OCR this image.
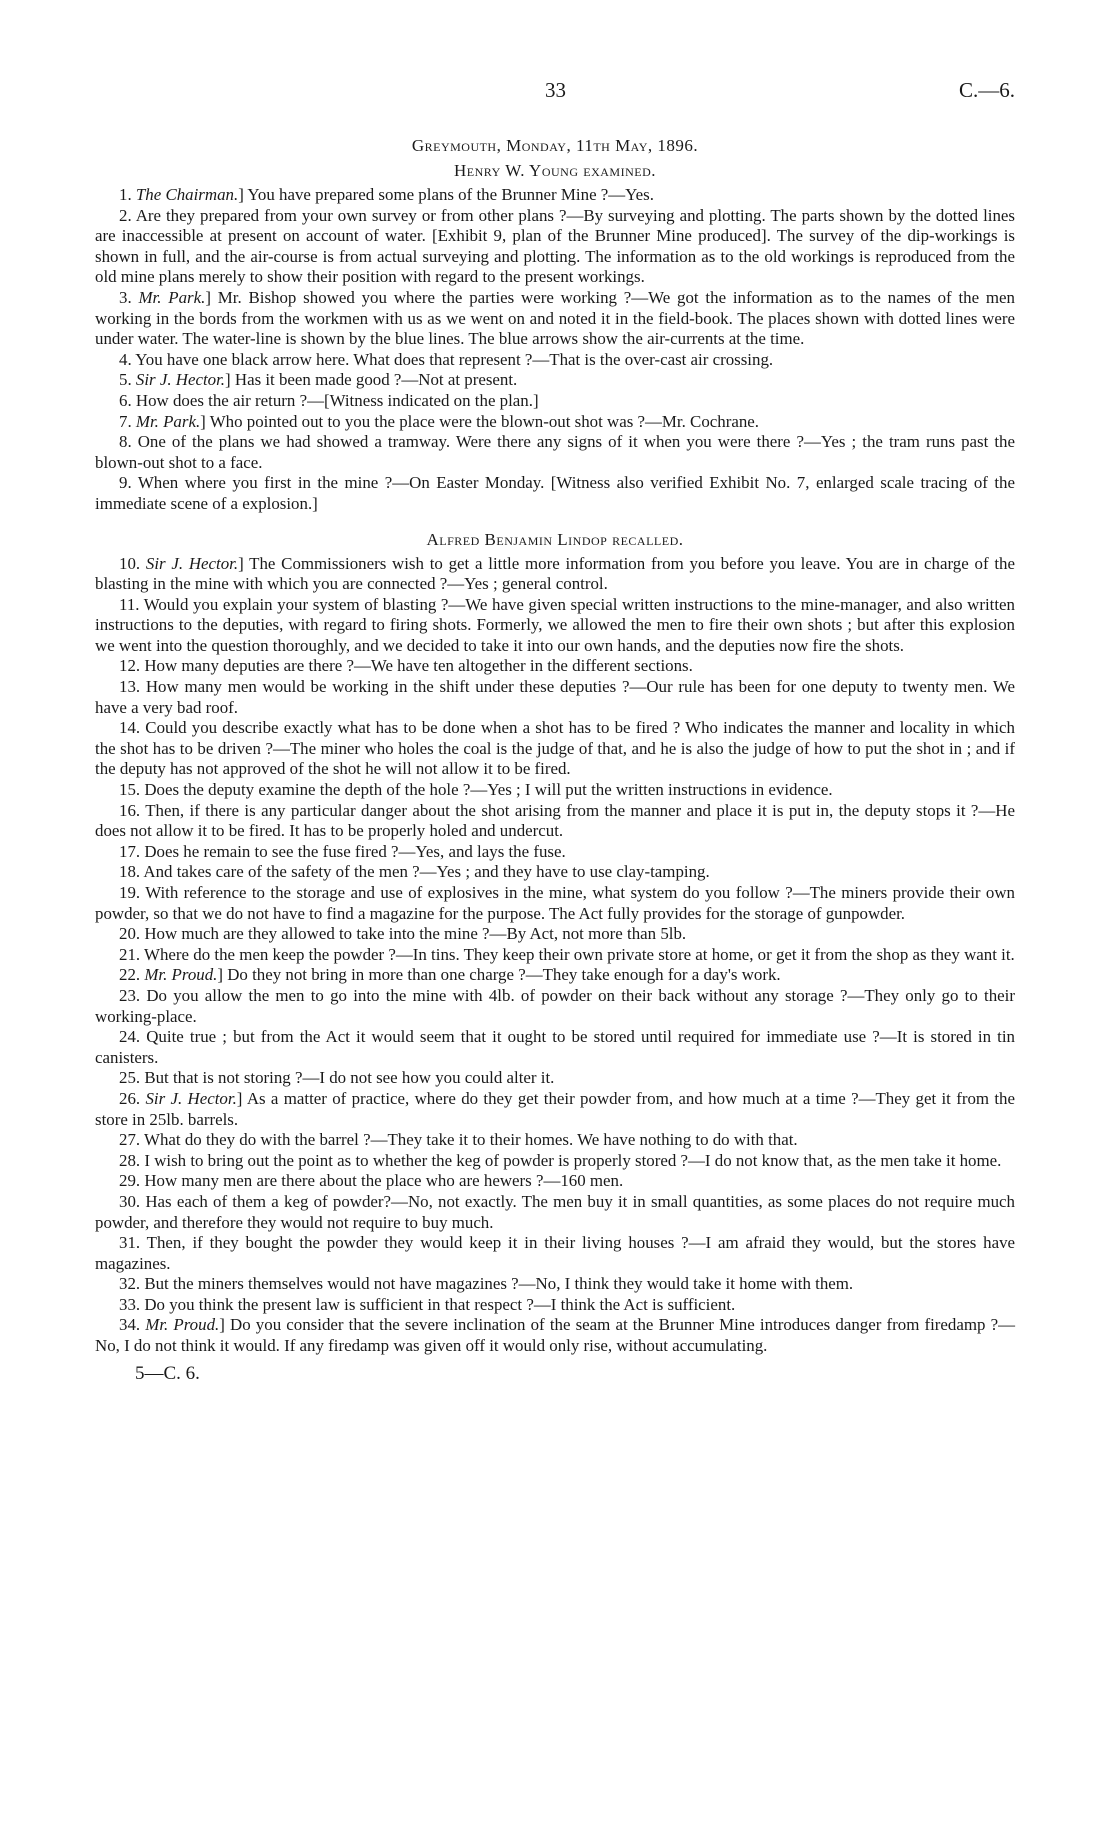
33	C.—6.
Greymouth, Monday, 11th May, 1896.
Henry W. Young examined.

1. The Chairman.] You have prepared some plans of the Brunner Mine ?—Yes.

2. Are they prepared from your own survey or from other plans ?—By surveying and plotting. The parts shown by the dotted lines are inaccessible at present on account of water. [Exhibit 9, plan of the Brunner Mine produced]. The survey of the dip-workings is shown in full, and the air-course is from actual surveying and plotting. The information as to the old workings is reproduced from the old mine plans merely to show their position with regard to the present workings.

3. Mr. Park.] Mr. Bishop showed you where the parties were working ?—We got the information as to the names of the men working in the bords from the workmen with us as we went on and noted it in the field-book. The places shown with dotted lines were under water. The water-line is shown by the blue lines. The blue arrows show the air-currents at the time.

4. You have one black arrow here. What does that represent ?—That is the over-cast air crossing.

5. Sir J. Hector.] Has it been made good ?—Not at present.

6. How does the air return ?—[Witness indicated on the plan.]

7. Mr. Park.] Who pointed out to you the place were the blown-out shot was ?—Mr. Cochrane.

8. One of the plans we had showed a tramway. Were there any signs of it when you were there ?—Yes ; the tram runs past the blown-out shot to a face.

9. When where you first in the mine ?—On Easter Monday. [Witness also verified Exhibit No. 7, enlarged scale tracing of the immediate scene of a explosion.]

Alfred Benjamin Lindop recalled.

10. Sir J. Hector.] The Commissioners wish to get a little more information from you before you leave. You are in charge of the blasting in the mine with which you are connected ?—Yes ; general control.

11. Would you explain your system of blasting ?—We have given special written instructions to the mine-manager, and also written instructions to the deputies, with regard to firing shots. Formerly, we allowed the men to fire their own shots ; but after this explosion we went into the question thoroughly, and we decided to take it into our own hands, and the deputies now fire the shots.

12. How many deputies are there ?—We have ten altogether in the different sections.

13. How many men would be working in the shift under these deputies ?—Our rule has been for one deputy to twenty men. We have a very bad roof.

14. Could you describe exactly what has to be done when a shot has to be fired ? Who indicates the manner and locality in which the shot has to be driven ?—The miner who holes the coal is the judge of that, and he is also the judge of how to put the shot in ; and if the deputy has not approved of the shot he will not allow it to be fired.

15. Does the deputy examine the depth of the hole ?—Yes ; I will put the written instructions in evidence.

16. Then, if there is any particular danger about the shot arising from the manner and place it is put in, the deputy stops it ?—He does not allow it to be fired. It has to be properly holed and undercut.

17. Does he remain to see the fuse fired ?—Yes, and lays the fuse.

18. And takes care of the safety of the men ?—Yes ; and they have to use clay-tamping.

19. With reference to the storage and use of explosives in the mine, what system do you follow ?—The miners provide their own powder, so that we do not have to find a magazine for the purpose. The Act fully provides for the storage of gunpowder.

20. How much are they allowed to take into the mine ?—By Act, not more than 5lb.

21. Where do the men keep the powder ?—In tins. They keep their own private store at home, or get it from the shop as they want it.

22. Mr. Proud.] Do they not bring in more than one charge ?—They take enough for a day's work.

23. Do you allow the men to go into the mine with 4lb. of powder on their back without any storage ?—They only go to their working-place.

24. Quite true ; but from the Act it would seem that it ought to be stored until required for immediate use ?—It is stored in tin canisters.

25. But that is not storing ?—I do not see how you could alter it.

26. Sir J. Hector.] As a matter of practice, where do they get their powder from, and how much at a time ?—They get it from the store in 25lb. barrels.

27. What do they do with the barrel ?—They take it to their homes. We have nothing to do with that.

28. I wish to bring out the point as to whether the keg of powder is properly stored ?—I do not know that, as the men take it home.

29. How many men are there about the place who are hewers ?—160 men.

30. Has each of them a keg of powder?—No, not exactly. The men buy it in small quantities, as some places do not require much powder, and therefore they would not require to buy much.

31. Then, if they bought the powder they would keep it in their living houses ?—I am afraid they would, but the stores have magazines.

32. But the miners themselves would not have magazines ?—No, I think they would take it home with them.

33. Do you think the present law is sufficient in that respect ?—I think the Act is sufficient.

34. Mr. Proud.] Do you consider that the severe inclination of the seam at the Brunner Mine introduces danger from firedamp ?—No, I do not think it would. If any firedamp was given off it would only rise, without accumulating.

5—C. 6.
